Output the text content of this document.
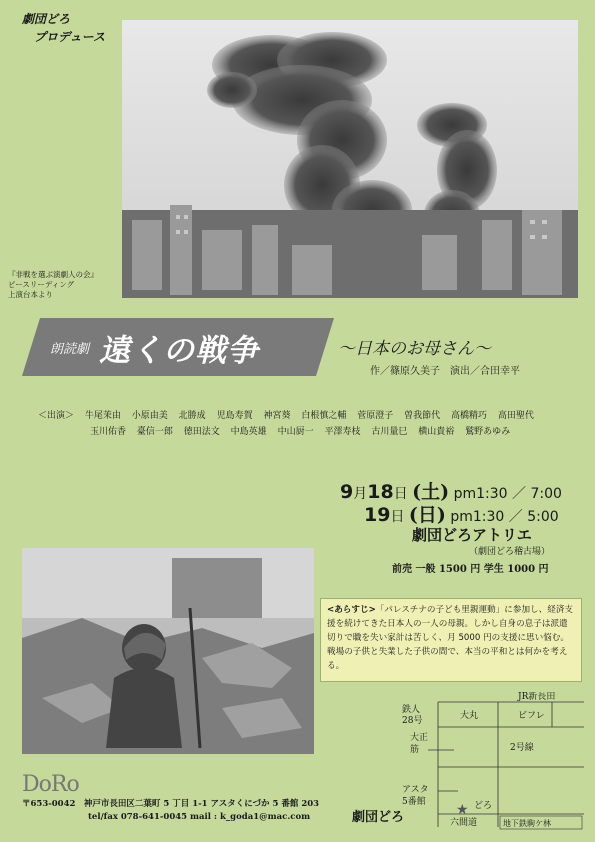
劇団どろ
プロデュース
『非戦を選ぶ演劇人の会』
ピースリーディング
上演台本より
朗読劇 遠くの戦争	〜日本のお母さん〜
作／篠原久美子　演出／合田幸平
＜出演＞ 牛尾茉由 小原由美 北勝成 児島寿賀 神宮葵 白根慎之輔 菅原澄子 曽我節代 高橋精巧 高田聖代
玉川佑香 臺信一郎 徳田法文 中島英雄 中山厨一 平澤寿枝 古川量巳 横山貴裕 鷲野あゆみ
9月18日 (土) pm1:30 ／ 7:00
19日 (日) pm1:30 ／ 5:00
劇団どろアトリエ
（劇団どろ稽古場）
前売 一般 1500 円 学生 1000 円
<あらすじ>「パレスチナの子ども里親運動」に参加し、経済支援を続けてきた日本人の一人の母親。しかし自身の息子は派遣切りで職を失い家計は苦しく、月 5000 円の支援に思い悩む。戦場の子供と失業した子供の間で、本当の平和とは何かを考える。
JR新長田
鉄人
28号	大丸	ビフレ
大正
筋	2号線
アスタ
5番館	どろ
★
六間道	地下鉄駒ケ林
DoRo
〒653-0042　神戸市長田区二葉町 5 丁目 1-1 アスタくにづか 5 番館 203
tel/fax 078-641-0045 mail : k_goda1@mac.com	劇団どろ
